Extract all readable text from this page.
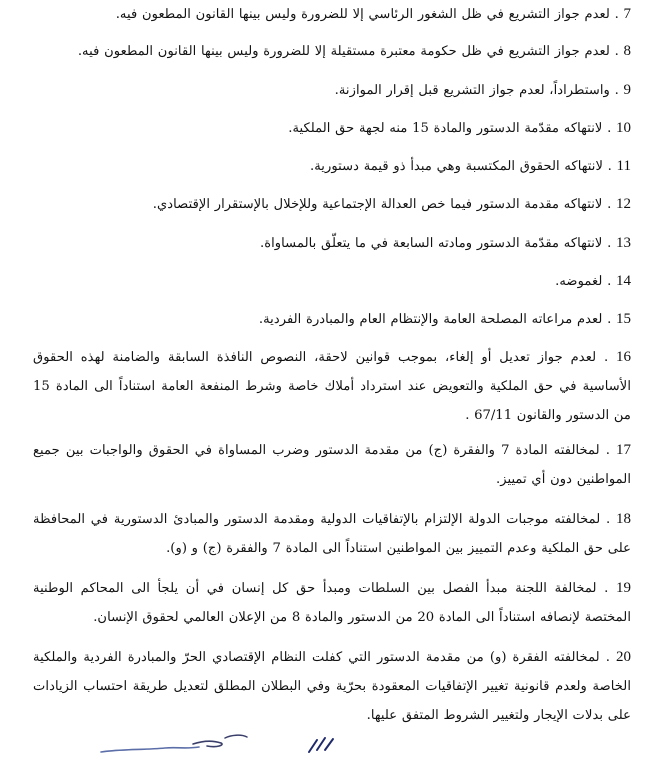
7 . لعدم جواز التشريع في ظل الشغور الرئاسي إلا للضرورة وليس بينها القانون المطعون فيه.

8 . لعدم جواز التشريع في ظل حكومة معتبرة مستقيلة إلا للضرورة وليس بينها القانون المطعون فيه.

9 . واستطراداً، لعدم جواز التشريع قبل إقرار الموازنة.

10 . لانتهاكه مقدّمة الدستور والمادة 15 منه لجهة حق الملكية.

11 . لانتهاكه الحقوق المكتسبة وهي مبدأ ذو قيمة دستورية.

12 . لانتهاكه مقدمة الدستور فيما خص العدالة الإجتماعية وللإخلال بالإستقرار الإقتصادي.

13 . لانتهاكه مقدّمة الدستور ومادته السابعة في ما يتعلّق بالمساواة.

14 . لغموضه.

15 . لعدم مراعاته المصلحة العامة والإنتظام العام والمبادرة الفردية.

16 . لعدم جواز تعديل أو إلغاء، بموجب قوانين لاحقة، النصوص النافذة السابقة والضامنة لهذه الحقوق الأساسية في حق الملكية والتعويض عند استرداد أملاك خاصة وشرط المنفعة العامة استناداً الى المادة 15 من الدستور والقانون 67/11 .

17 . لمخالفته المادة 7 والفقرة (ج) من مقدمة الدستور وضرب المساواة في الحقوق والواجبات بين جميع المواطنين دون أي تمييز.

18 . لمخالفته موجبات الدولة الإلتزام بالإتفاقيات الدولية ومقدمة الدستور والمبادئ الدستورية في المحافظة على حق الملكية وعدم التمييز بين المواطنين استناداً الى المادة 7 والفقرة (ج) و (و).

19 . لمخالفة اللجنة مبدأ الفصل بين السلطات ومبدأ حق كل إنسان في أن يلجأ الى المحاكم الوطنية المختصة لإنصافه استناداً الى المادة 20 من الدستور والمادة 8 من الإعلان العالمي لحقوق الإنسان.

20 . لمخالفته الفقرة (و) من مقدمة الدستور التي كفلت النظام الإقتصادي الحرّ والمبادرة الفردية والملكية الخاصة ولعدم قانونية تغيير الإتفاقيات المعقودة بحرّية وفي البطلان المطلق لتعديل طريقة احتساب الزيادات على بدلات الإيجار ولتغيير الشروط المتفق عليها.
